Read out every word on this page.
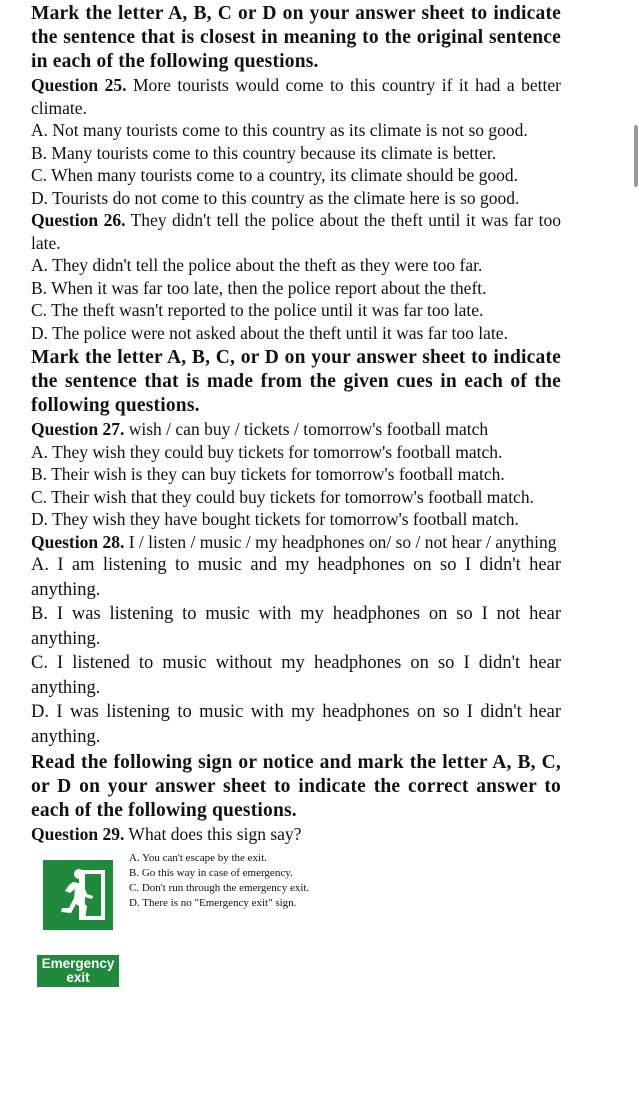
Mark the letter A, B, C or D on your answer sheet to indicate the sentence that is closest in meaning to the original sentence in each of the following questions.

Question 25. More tourists would come to this country if it had a better climate.

A. Not many tourists come to this country as its climate is not so good.

B. Many tourists come to this country because its climate is better.

C. When many tourists come to a country, its climate should be good.

D. Tourists do not come to this country as the climate here is so good.

Question 26. They didn't tell the police about the theft until it was far too late.

A. They didn't tell the police about the theft as they were too far.

B. When it was far too late, then the police report about the theft.

C. The theft wasn't reported to the police until it was far too late.

D. The police were not asked about the theft until it was far too late.

Mark the letter A, B, C, or D on your answer sheet to indicate the sentence that is made from the given cues in each of the following questions.

Question 27. wish / can buy / tickets / tomorrow's football match

A. They wish they could buy tickets for tomorrow's football match.

B. Their wish is they can buy tickets for tomorrow's football match.

C. Their wish that they could buy tickets for tomorrow's football match.

D. They wish they have bought tickets for tomorrow's football match.

Question 28. I / listen / music / my headphones on/ so / not hear / anything

A. I am listening to music and my headphones on so I didn't hear anything.

B. I was listening to music with my headphones on so I not hear anything.

C. I listened to music without my headphones on so I didn't hear anything.

D. I was listening to music with my headphones on so I didn't hear anything.

Read the following sign or notice and mark the letter A, B, C, or D on your answer sheet to indicate the correct answer to each of the following questions.

Question 29. What does this sign say?

A. You can't escape by the exit.
B. Go this way in case of emergency.
C. Don't run through the emergency exit.
D. There is no "Emergency exit" sign.
Emergency
exit
